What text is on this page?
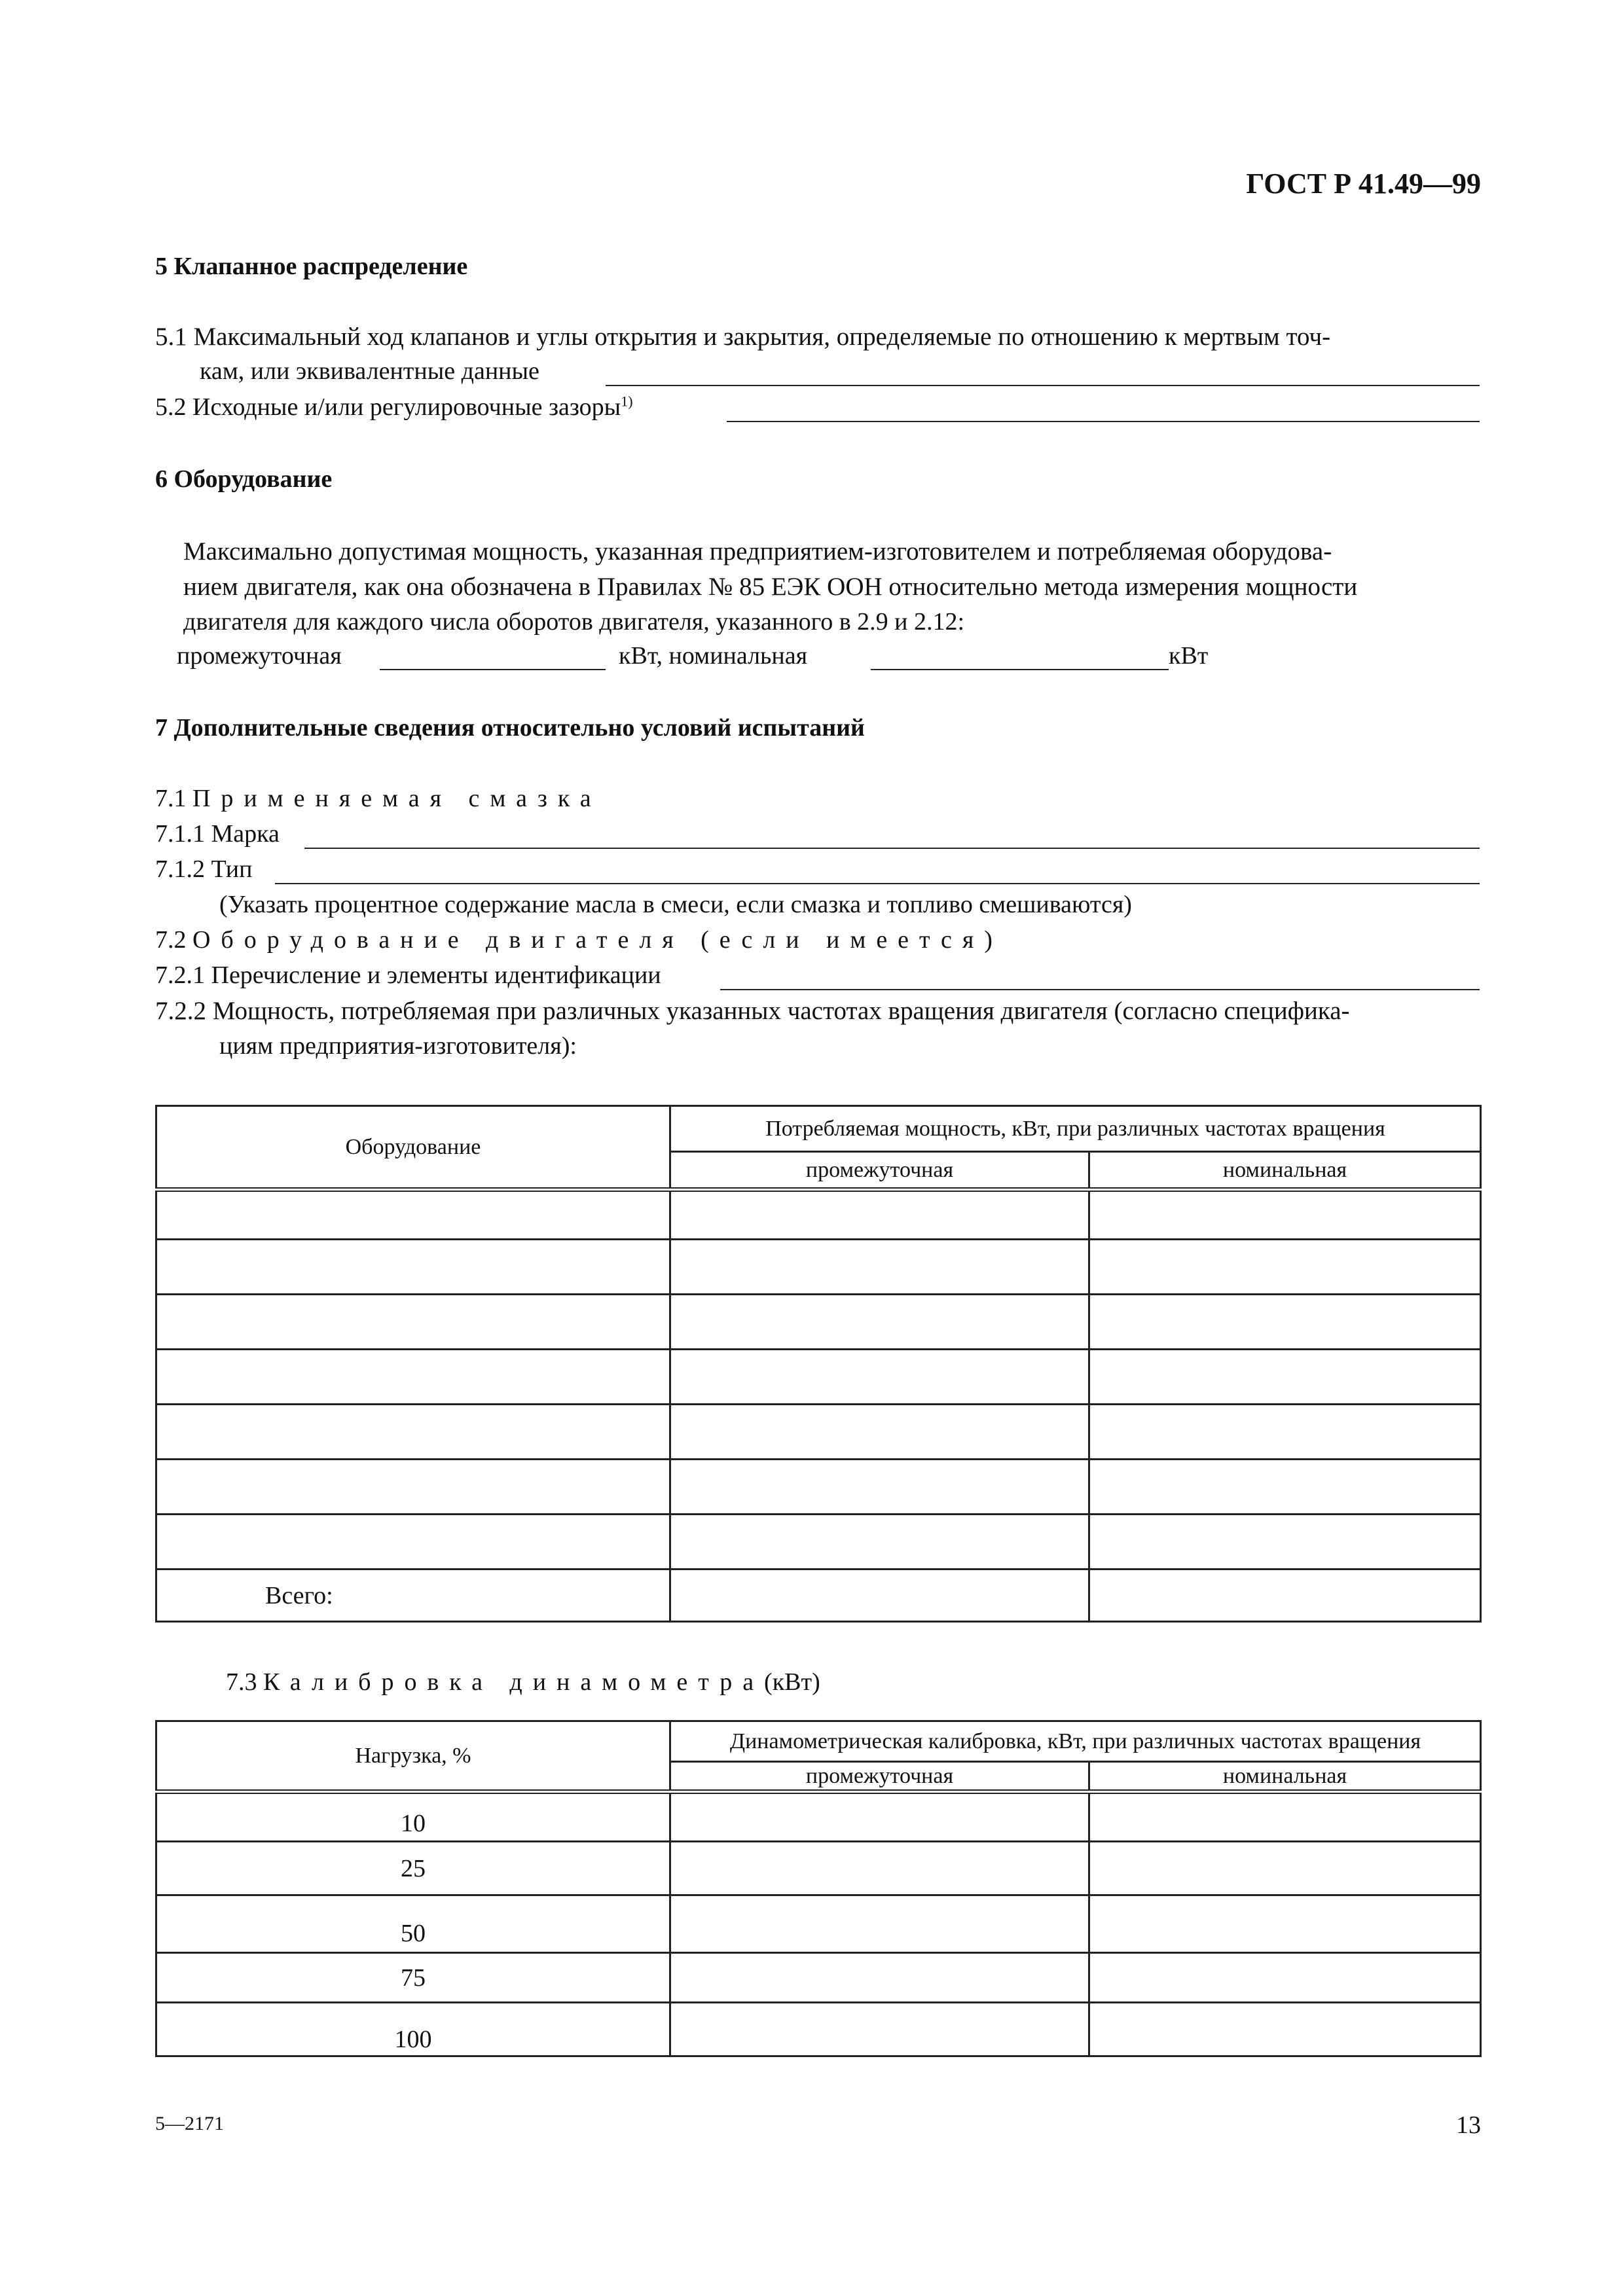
ГОСТ Р 41.49—99
5 Клапанное распределение
5.1 Максимальный ход клапанов и углы открытия и закрытия, определяемые по отношению к мертвым точ-
кам, или эквивалентные данные
5.2 Исходные и/или регулировочные зазоры$^{1)}$
6 Оборудование
Максимально допустимая мощность, указанная предприятием-изготовителем и потребляемая оборудова-
нием двигателя, как она обозначена в Правилах № 85 ЕЭК ООН относительно метода измерения мощности
двигателя для каждого числа оборотов двигателя, указанного в 2.9 и 2.12:
промежуточная	кВт, номинальная	кВт
7 Дополнительные сведения относительно условий испытаний
7.1 Применяемая смазка
7.1.1 Марка
7.1.2 Тип
(Указать процентное содержание масла в смеси, если смазка и топливо смешиваются)
7.2 Оборудование двигателя (если имеется)
7.2.1 Перечисление и элементы идентификации
7.2.2 Мощность, потребляемая при различных указанных частотах вращения двигателя (согласно специфика-
циям предприятия-изготовителя):
Оборудование	Потребляемая мощность, кВт, при различных частотах вращения	
	промежуточная	номинальная

Всего:		
7.3 Калибровка динамометра(кВт)
Нагрузка, %	Динамометрическая калибровка, кВт, при различных частотах вращения	
	промежуточная	номинальная
10		
25		
50		
75		
100		
5—2171	13
